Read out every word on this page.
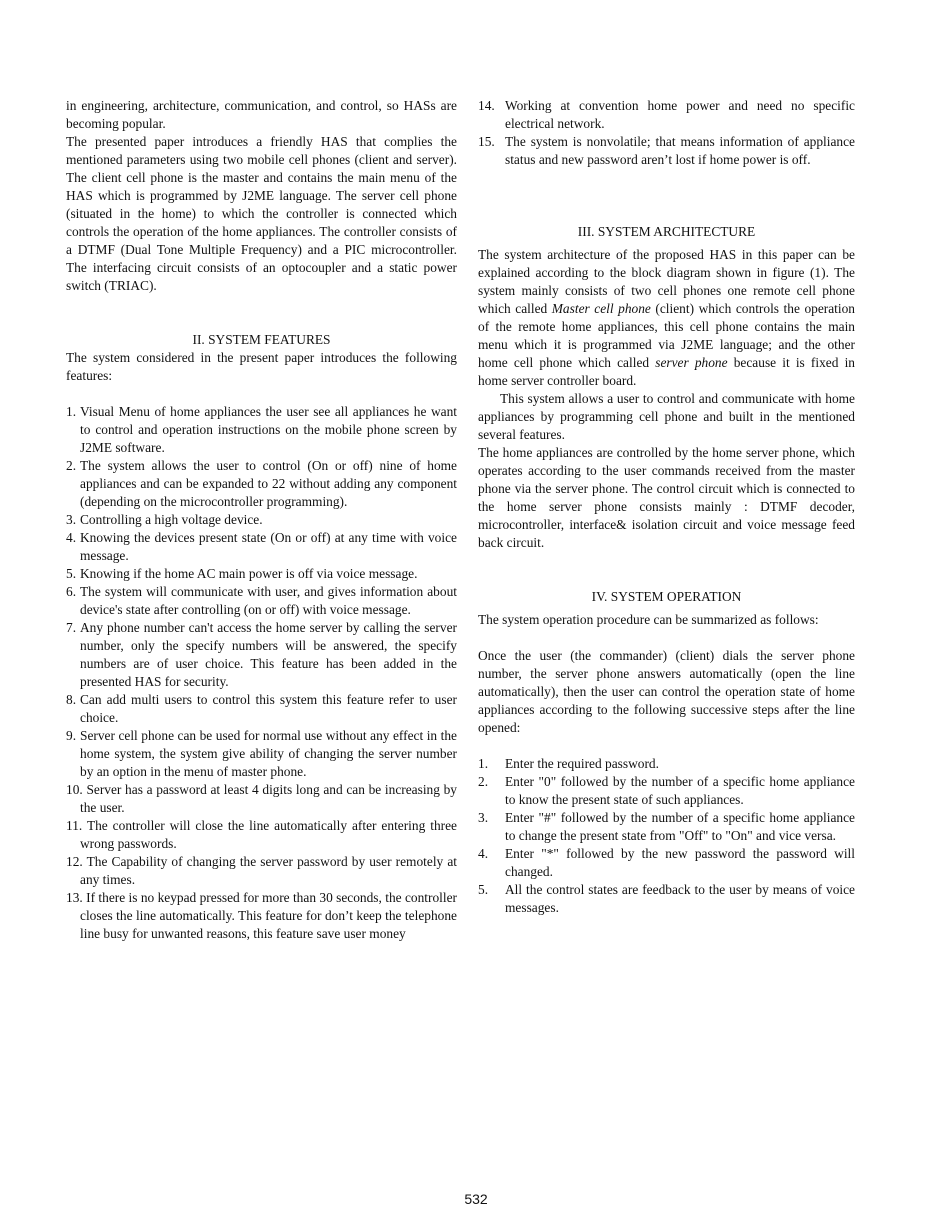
in engineering, architecture, communication, and control, so HASs are becoming popular.

The presented paper introduces a friendly HAS that complies the mentioned parameters using two mobile cell phones (client and server). The client cell phone is the master and contains the main menu of the HAS which is programmed by J2ME language. The server cell phone (situated in the home) to which the controller is connected which controls the operation of the home appliances. The controller consists of a DTMF (Dual Tone Multiple Frequency) and a PIC microcontroller. The interfacing circuit consists of an optocoupler and a static power switch (TRIAC).

II. SYSTEM FEATURES

The system considered in the present paper introduces the following features:

1. Visual Menu of home appliances the user see all appliances he want to control and operation instructions on the mobile phone screen by J2ME software.
2. The system allows the user to control (On or off) nine of home appliances and can be expanded to 22 without adding any component (depending on the microcontroller programming).
3. Controlling a high voltage device.
4. Knowing the devices present state (On or off) at any time with voice message.
5. Knowing if the home AC main power is off via voice message.
6. The system will communicate with user, and gives information about device's state after controlling (on or off) with voice message.
7. Any phone number can't access the home server by calling the server number, only the specify numbers will be answered, the specify numbers are of user choice. This feature has been added in the presented HAS for security.
8. Can add multi users to control this system this feature refer to user choice.
9. Server cell phone can be used for normal use without any effect in the home system, the system give ability of changing the server number by an option in the menu of master phone.

10. Server has a password at least 4 digits long and can be increasing by the user.

11. The controller will close the line automatically after entering three wrong passwords.

12. The Capability of changing the server password by user remotely at any times.

13. If there is no keypad pressed for more than 30 seconds, the controller closes the line automatically. This feature for don’t keep the telephone line busy for unwanted reasons, this feature save user money

14. Working at convention home power and need no specific electrical network.
15. The system is nonvolatile; that means information of appliance status and new password aren’t lost if home power is off.

III. SYSTEM ARCHITECTURE

The system architecture of the proposed HAS in this paper can be explained according to the block diagram shown in figure (1). The system mainly consists of two cell phones one remote cell phone which called Master cell phone (client) which controls the operation of the remote home appliances, this cell phone contains the main menu which it is programmed via J2ME language; and the other home cell phone which called server phone because it is fixed in home server controller board.

This system allows a user to control and communicate with home appliances by programming cell phone and built in the mentioned several features.

The home appliances are controlled by the home server phone, which operates according to the user commands received from the master phone via the server phone. The control circuit which is connected to the home server phone consists mainly : DTMF decoder, microcontroller, interface& isolation circuit and voice message feed back circuit.

IV. SYSTEM OPERATION

The system operation procedure can be summarized as follows:

Once the user (the commander) (client) dials the server phone number, the server phone answers automatically (open the line automatically), then the user can control the operation state of home appliances according to the following successive steps after the line opened:

1.	Enter the required password.
2.	Enter "0" followed by the number of a specific home appliance to know the present state of such appliances.
3.	Enter "#" followed by the number of a specific home appliance to change the present state from "Off" to "On" and vice versa.
4.	Enter "*" followed by the new password the password will changed.
5.	All the control states are feedback to the user by means of voice messages.
532
